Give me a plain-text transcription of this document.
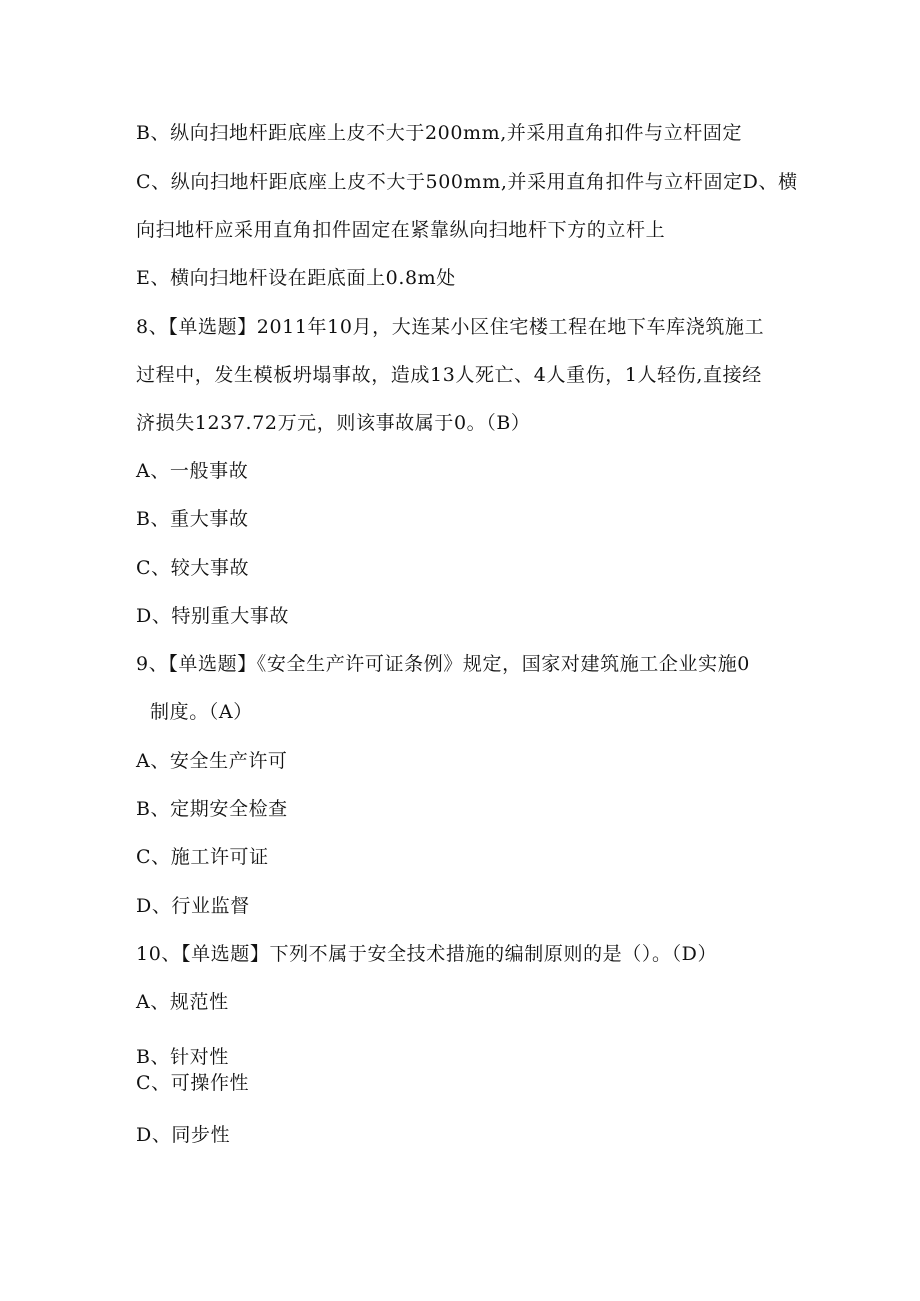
B、纵向扫地杆距底座上皮不大于200mm,并采用直角扣件与立杆固定
C、纵向扫地杆距底座上皮不大于500mm,并采用直角扣件与立杆固定D、横
向扫地杆应采用直角扣件固定在紧靠纵向扫地杆下方的立杆上
E、横向扫地杆设在距底面上0.8m处
8、【单选题】2011年10月，大连某小区住宅楼工程在地下车库浇筑施工
过程中，发生模板坍塌事故，造成13人死亡、4人重伤，1人轻伤,直接经
济损失1237.72万元，则该事故属于0。（B）
A、一般事故
B、重大事故
C、较大事故
D、特别重大事故
9、【单选题】《安全生产许可证条例》规定，国家对建筑施工企业实施0
制度。（A）
A、安全生产许可
B、定期安全检查
C、施工许可证
D、行业监督
10、【单选题】下列不属于安全技术措施的编制原则的是（）。（D）
A、规范性
B、针对性
C、可操作性
D、同步性
